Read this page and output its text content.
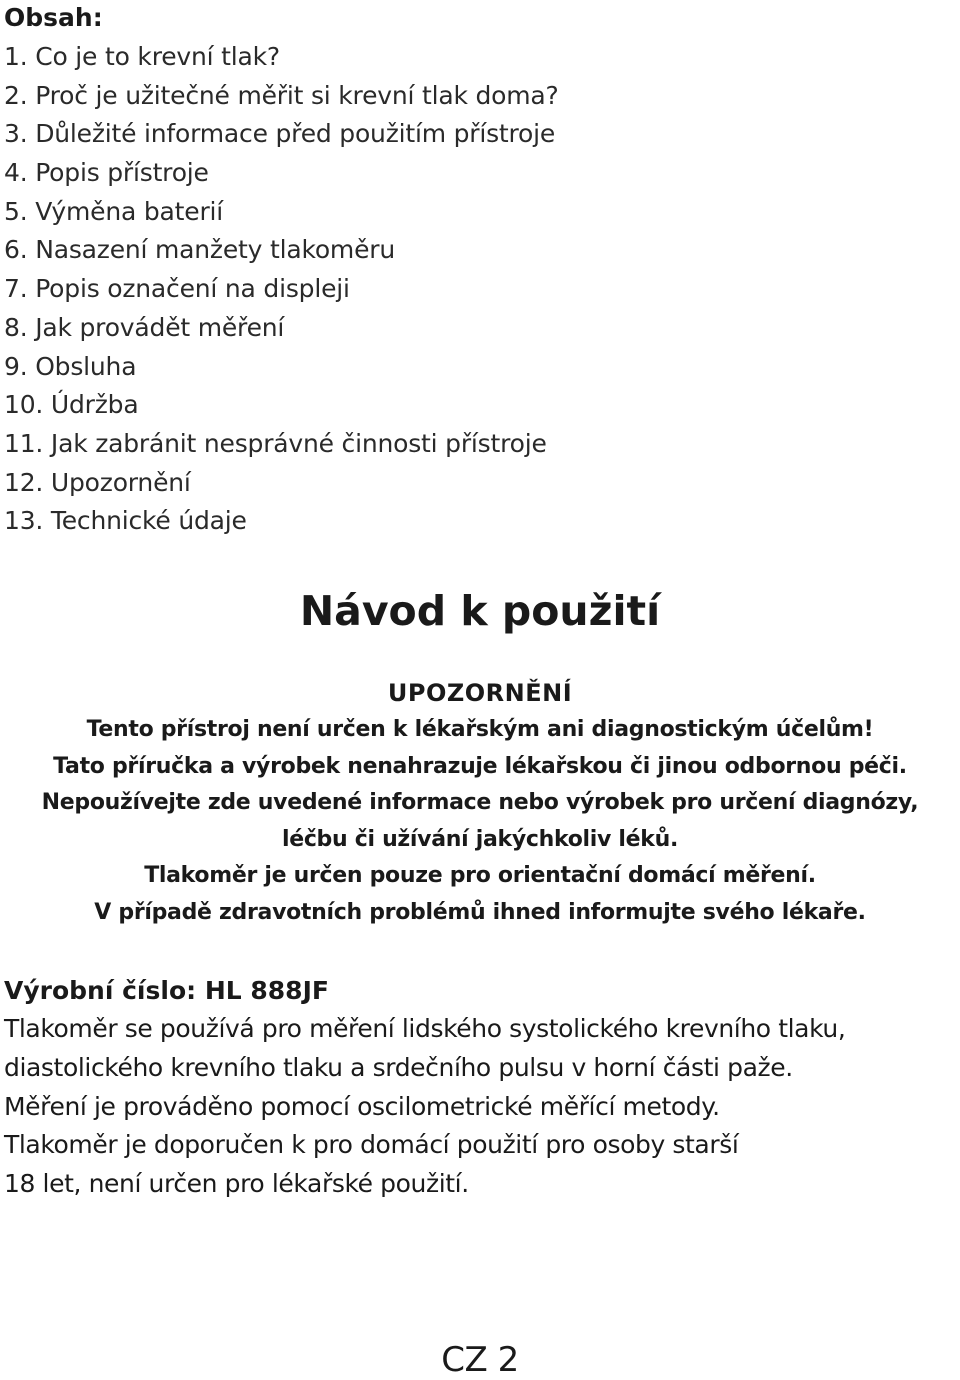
Obsah:
1. Co je to krevní tlak?
2. Proč je užitečné měřit si krevní tlak doma?
3. Důležité informace před použitím přístroje
4. Popis přístroje
5. Výměna baterií
6. Nasazení manžety tlakoměru
7. Popis označení na displeji
8. Jak provádět měření
9. Obsluha
10. Údržba
11. Jak zabránit nesprávné činnosti přístroje
12. Upozornění
13. Technické údaje
Návod k použití
UPOZORNĚNÍ
Tento přístroj není určen k lékařským ani diagnostickým účelům!
Tato příručka a výrobek nenahrazuje lékařskou či jinou odbornou péči.
Nepoužívejte zde uvedené informace nebo výrobek pro určení diagnózy,
léčbu či užívání jakýchkoliv léků.
Tlakoměr je určen pouze pro orientační domácí měření.
V případě zdravotních problémů ihned informujte svého lékaře.

Výrobní číslo: HL 888JF

Tlakoměr se používá pro měření lidského systolického krevního tlaku,
diastolického krevního tlaku a srdečního pulsu v horní části paže.
Měření je prováděno pomocí oscilometrické měřící metody.
Tlakoměr je doporučen k pro domácí použití pro osoby starší
18 let, není určen pro lékařské použití.

CZ 2
